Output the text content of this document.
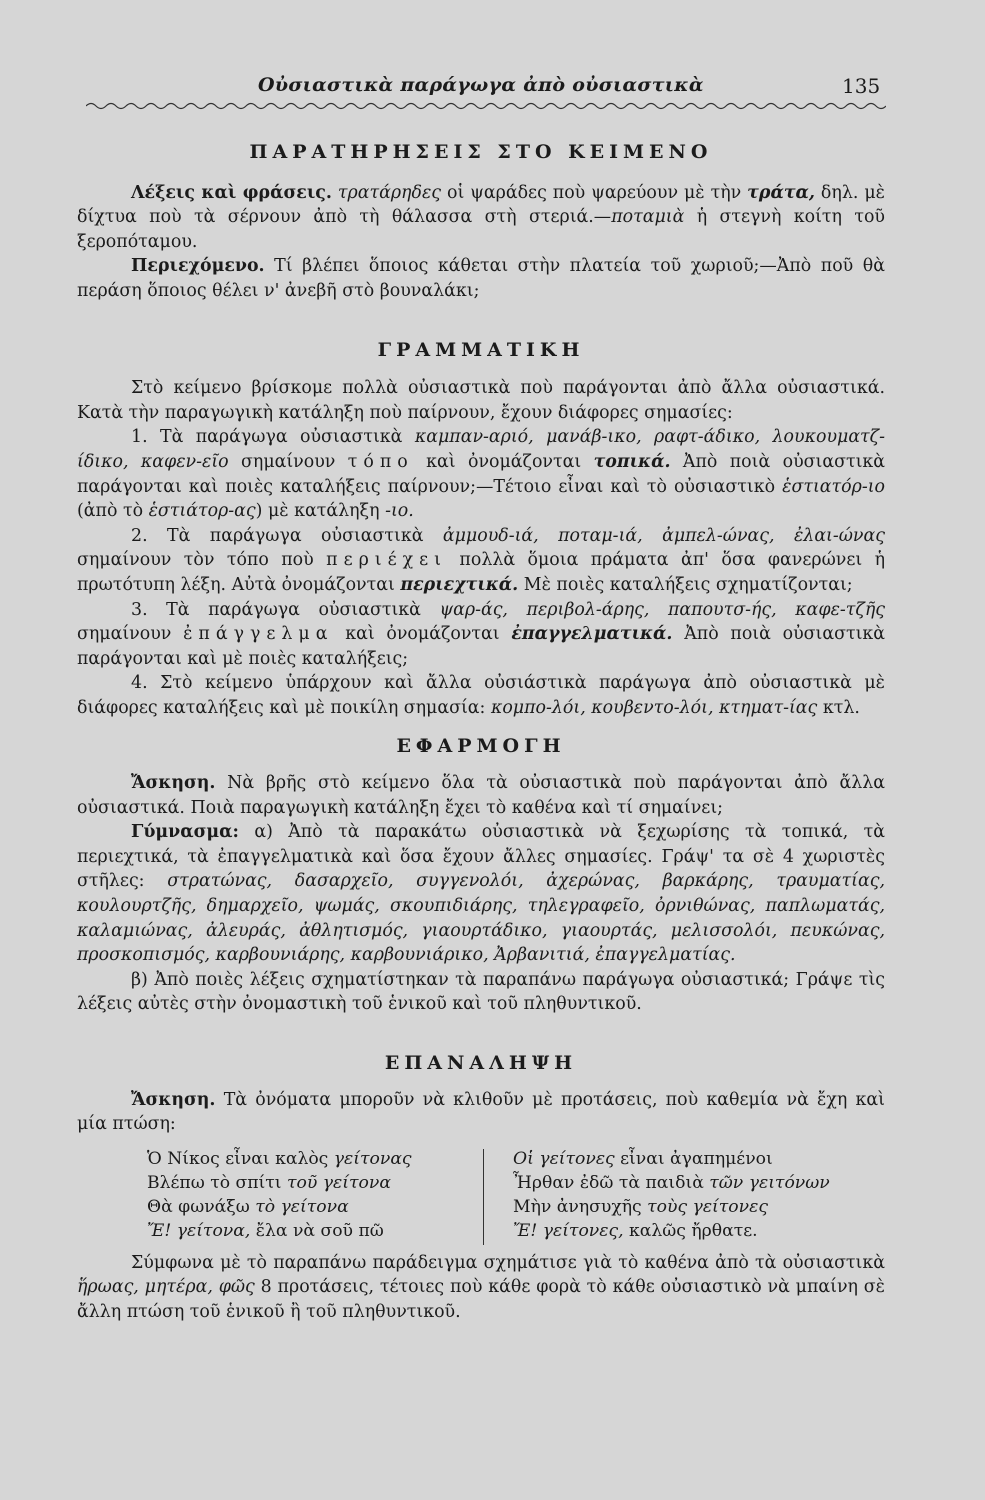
Οὐσιαστικὰ παράγωγα ἀπὸ οὐσιαστικὰ	135
ΠΑΡΑΤΗΡΗΣΕΙΣ ΣΤΟ ΚΕΙΜΕΝΟ

Λέξεις καὶ φράσεις. τρατάρηδες οἱ ψαράδες ποὺ ψαρεύουν μὲ τὴν τράτα, δηλ. μὲ δίχτυα ποὺ τὰ σέρνουν ἀπὸ τὴ θάλασσα στὴ στεριά.—ποταμιὰ ἡ στεγνὴ κοίτη τοῦ ξεροπόταμου.

Περιεχόμενο. Τί βλέπει ὅποιος κάθεται στὴν πλατεία τοῦ χωριοῦ;—Ἀπὸ ποῦ θὰ περάση ὅποιος θέλει ν' ἀνεβῆ στὸ βουναλάκι;

ΓΡΑΜΜΑΤΙΚΗ

Στὸ κείμενο βρίσκομε πολλὰ οὐσιαστικὰ ποὺ παράγονται ἀπὸ ἄλλα οὐσιαστικά. Κατὰ τὴν παραγωγικὴ κατάληξη ποὺ παίρνουν, ἔχουν διάφορες σημασίες:

1. Τὰ παράγωγα οὐσιαστικὰ καμπαν-αριό, μανάβ-ικο, ραφτ-άδικο, λουκουματζ-ίδικο, καφεν-εῖο σημαίνουν τόπο καὶ ὀνομάζονται τοπικά. Ἀπὸ ποιὰ οὐσιαστικὰ παράγονται καὶ ποιὲς καταλήξεις παίρνουν;—Τέτοιο εἶναι καὶ τὸ οὐσιαστικὸ ἑστιατόρ-ιο (ἀπὸ τὸ ἑστιάτορ-ας) μὲ κατάληξη -ιο.

2. Τὰ παράγωγα οὐσιαστικὰ ἀμμουδ-ιά, ποταμ-ιά, ἀμπελ-ώνας, ἐλαι-ώνας σημαίνουν τὸν τόπο ποὺ περιέχει πολλὰ ὅμοια πράματα ἀπ' ὅσα φανερώνει ἡ πρωτότυπη λέξη. Αὐτὰ ὀνομάζονται περιεχτικά. Μὲ ποιὲς καταλήξεις σχηματίζονται;

3. Τὰ παράγωγα οὐσιαστικὰ ψαρ-άς, περιβολ-άρης, παπουτσ-ής, καφε-τζῆς σημαίνουν ἐπάγγελμα καὶ ὀνομάζονται ἐπαγγελματικά. Ἀπὸ ποιὰ οὐσιαστικὰ παράγονται καὶ μὲ ποιὲς καταλήξεις;

4. Στὸ κείμενο ὑπάρχουν καὶ ἄλλα οὐσιάστικὰ παράγωγα ἀπὸ οὐσιαστικὰ μὲ διάφορες καταλήξεις καὶ μὲ ποικίλη σημασία: κομπο-λόι, κουβεντο-λόι, κτηματ-ίας κτλ.

ΕΦΑΡΜΟΓΗ

Ἄσκηση. Νὰ βρῆς στὸ κείμενο ὅλα τὰ οὐσιαστικὰ ποὺ παράγονται ἀπὸ ἄλλα οὐσιαστικά. Ποιὰ παραγωγικὴ κατάληξη ἔχει τὸ καθένα καὶ τί σημαίνει;

Γύμνασμα: α) Ἀπὸ τὰ παρακάτω οὐσιαστικὰ νὰ ξεχωρίσης τὰ τοπικά, τὰ περιεχτικά, τὰ ἐπαγγελματικὰ καὶ ὅσα ἔχουν ἄλλες σημασίες. Γράψ' τα σὲ 4 χωριστὲς στῆλες: στρατώνας, δασαρχεῖο, συγγενολόι, ἀχερώνας, βαρκάρης, τραυματίας, κουλουρτζῆς, δημαρχεῖο, ψωμάς, σκουπιδιάρης, τηλεγραφεῖο, ὀρνιθώνας, παπλωματάς, καλαμιώνας, ἀλευράς, ἀθλητισμός, γιαουρτάδικο, γιαουρτάς, μελισσολόι, πευκώνας, προσκοπισμός, καρβουνιάρης, καρβουνιάρικο, Ἀρβανιτιά, ἐπαγγελματίας.

β) Ἀπὸ ποιὲς λέξεις σχηματίστηκαν τὰ παραπάνω παράγωγα οὐσιαστικά; Γράψε τὶς λέξεις αὐτὲς στὴν ὀνομαστικὴ τοῦ ἑνικοῦ καὶ τοῦ πληθυντικοῦ.

ΕΠΑΝΑΛΗΨΗ

Ἄσκηση. Τὰ ὀνόματα μποροῦν νὰ κλιθοῦν μὲ προτάσεις, ποὺ καθεμία νὰ ἔχη καὶ μία πτώση:

Ὁ Νίκος εἶναι καλὸς γείτονας
Βλέπω τὸ σπίτι τοῦ γείτονα
Θὰ φωνάξω τὸ γείτονα
Ἔ! γείτονα, ἔλα νὰ σοῦ πῶ
Οἱ γείτονες εἶναι ἀγαπημένοι
Ἦρθαν ἐδῶ τὰ παιδιὰ τῶν γειτόνων
Μὴν ἀνησυχῆς τοὺς γείτονες
Ἔ! γείτονες, καλῶς ἤρθατε.

Σύμφωνα μὲ τὸ παραπάνω παράδειγμα σχημάτισε γιὰ τὸ καθένα ἀπὸ τὰ οὐσιαστικὰ ἥρωας, μητέρα, φῶς 8 προτάσεις, τέτοιες ποὺ κάθε φορὰ τὸ κάθε οὐσιαστικὸ νὰ μπαίνη σὲ ἄλλη πτώση τοῦ ἑνικοῦ ἢ τοῦ πληθυντικοῦ.
